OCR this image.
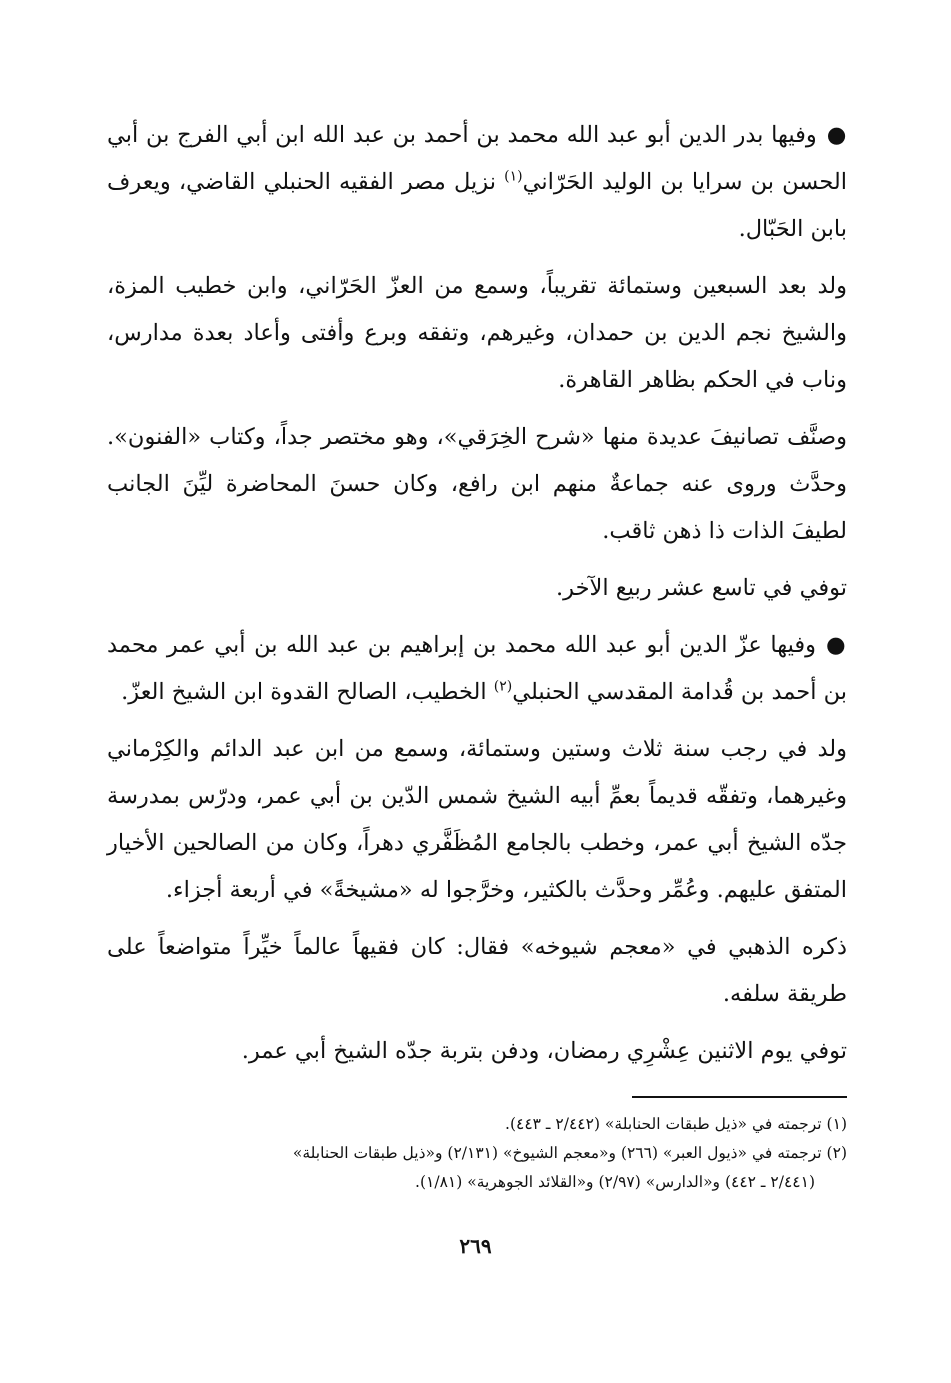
●وفيها بدر الدين أبو عبد الله محمد بن أحمد بن عبد الله ابن أبي الفرج بن أبي الحسن بن سرايا بن الوليد الحَرّاني$^{(١)}$ نزيل مصر الفقيه الحنبلي القاضي، ويعرف بابن الحَبّال.

ولد بعد السبعين وستمائة تقريباً، وسمع من العزّ الحَرّاني، وابن خطيب المزة، والشيخ نجم الدين بن حمدان، وغيرهم، وتفقه وبرع وأفتى وأعاد بعدة مدارس، وناب في الحكم بظاهر القاهرة.

وصنَّف تصانيفَ عديدة منها «شرح الخِرَقي»، وهو مختصر جداً، وكتاب «الفنون». وحدَّث وروى عنه جماعةٌ منهم ابن رافع، وكان حسنَ المحاضرة ليِّنَ الجانب لطيفَ الذات ذا ذهن ثاقب.

توفي في تاسع عشر ربيع الآخر.

●وفيها عزّ الدين أبو عبد الله محمد بن إبراهيم بن عبد الله بن أبي عمر محمد بن أحمد بن قُدامة المقدسي الحنبلي$^{(٢)}$ الخطيب، الصالح القدوة ابن الشيخ العزّ.

ولد في رجب سنة ثلاث وستين وستمائة، وسمع من ابن عبد الدائم والكِرْماني وغيرهما، وتفقّه قديماً بعمِّ أبيه الشيخ شمس الدّين بن أبي عمر، ودرّس بمدرسة جدّه الشيخ أبي عمر، وخطب بالجامع المُظَفَّري دهراً، وكان من الصالحين الأخيار المتفق عليهم. وعُمِّر وحدَّث بالكثير، وخرَّجوا له «مشيخةً» في أربعة أجزاء.

ذكره الذهبي في «معجم شيوخه» فقال: كان فقيهاً عالماً خيِّراً متواضعاً على طريقة سلفه.

توفي يوم الاثنين عِشْرِي رمضان، ودفن بتربة جدّه الشيخ أبي عمر.

(١) ترجمته في «ذيل طبقات الحنابلة» (٢/٤٤٢ ـ ٤٤٣).

(٢) ترجمته في «ذيول العبر» (٢٦٦) و«معجم الشيوخ» (٢/١٣١) و«ذيل طبقات الحنابلة»

(٢/٤٤١ ـ ٤٤٢) و«الدارس» (٢/٩٧) و«القلائد الجوهرية» (١/٨١).

٢٦٩
